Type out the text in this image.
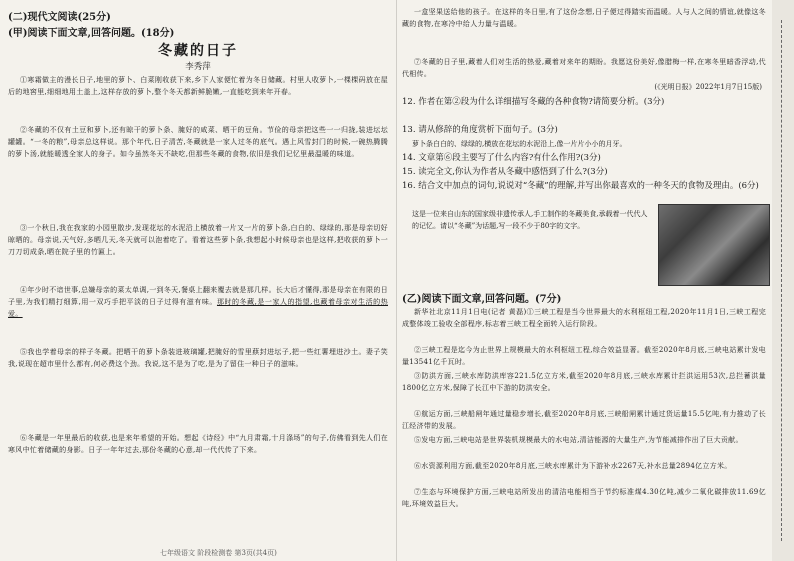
(二)现代文阅读(25分)
(甲)阅读下面文章,回答问题。(18分)
冬藏的日子
李秀萍

①寒霜做主的漫长日子,地里的萝卜、白菜刚收获下来,乡下人家便忙着为冬日储藏。村里人收萝卜,一棵棵码放在屋后的地窖里,细细地用土盖上,这样存放的萝卜,整个冬天都新鲜脆嫩,一直能吃到来年开春。

②冬藏的不仅有土豆和萝卜,还有晾干的萝卜条、腌好的咸菜、晒干的豆角。节俭的母亲把这些一一归拢,装进坛坛罐罐。“一冬的粮”,母亲总这样说。那个年代,日子清苦,冬藏就是一家人过冬的底气。遇上风雪封门的时候,一碗热腾腾的萝卜汤,就能暖透全家人的身子。如今虽然冬天不缺吃,但那些冬藏的食物,依旧是我们记忆里最温暖的味道。

③一个秋日,我在我家的小园里散步,发现花坛的水泥沿上横放着一片又一片的萝卜条,白白的、绿绿的,那是母亲切好晾晒的。母亲说,天气好,多晒几天,冬天就可以泡着吃了。看着这些萝卜条,我想起小时候母亲也是这样,把收获的萝卜一刀刀切成条,晒在院子里的竹匾上。

④年少时不谙世事,总嫌母亲的菜太单调,一到冬天,餐桌上翻来覆去就是那几样。长大后才懂得,那是母亲在有限的日子里,为我们精打细算,用一双巧手把平淡的日子过得有滋有味。那时的冬藏,是一家人的指望,也藏着母亲对生活的热爱。

⑤我也学着母亲的样子冬藏。把晒干的萝卜条装进玻璃罐,把腌好的雪里蕻封进坛子,把一些红薯埋进沙土。妻子笑我,说现在超市里什么都有,何必费这个劲。我说,这不是为了吃,是为了留住一种日子的滋味。

⑥冬藏是一年里最后的收获,也是来年希望的开始。想起《诗经》中“九月肃霜,十月涤场”的句子,仿佛看到先人们在寒风中忙着储藏的身影。日子一年年过去,那份冬藏的心意,却一代代传了下来。

七年级语文 阶段检测卷 第3页(共4页)

一盒坚果送给他的孩子。在这样的冬日里,有了这份念想,日子便过得踏实而温暖。人与人之间的情谊,就像这冬藏的食物,在寒冷中给人力量与温暖。

⑦冬藏的日子里,藏着人们对生活的热爱,藏着对来年的期盼。我愿这份美好,像腊梅一样,在寒冬里暗香浮动,代代相传。

(《光明日报》2022年1月7日15版)
12. 作者在第②段为什么详细描写冬藏的各种食物?请简要分析。(3分)
13. 请从修辞的角度赏析下面句子。(3分)
萝卜条白白的、绿绿的,横放在花坛的水泥沿上,像一片片小小的月牙。
14. 文章第⑥段主要写了什么内容?有什么作用?(3分)
15. 读完全文,你认为作者从冬藏中感悟到了什么?(3分)
16. 结合文中加点的词句,说说对“冬藏”的理解,并写出你最喜欢的一种冬天的食物及理由。(6分)
这是一位来自山东的国家级非遗传承人,手工制作的冬藏美食,承载着一代代人的记忆。请以“冬藏”为话题,写一段不少于80字的文字。
(乙)阅读下面文章,回答问题。(7分)

新华社北京11月1日电(记者 黄磊)①三峡工程是当今世界最大的水利枢纽工程,2020年11月1日,三峡工程完成整体竣工验收全部程序,标志着三峡工程全面转入运行阶段。

②三峡工程是迄今为止世界上规模最大的水利枢纽工程,综合效益显著。截至2020年8月底,三峡电站累计发电量13541亿千瓦时。

③防洪方面,三峡水库防洪库容221.5亿立方米,截至2020年8月底,三峡水库累计拦洪运用53次,总拦蓄洪量1800亿立方米,保障了长江中下游的防洪安全。

④航运方面,三峡船闸年通过量稳步增长,截至2020年8月底,三峡船闸累计通过货运量15.5亿吨,有力推动了长江经济带的发展。

⑤发电方面,三峡电站是世界装机规模最大的水电站,清洁能源的大量生产,为节能减排作出了巨大贡献。

⑥水资源利用方面,截至2020年8月底,三峡水库累计为下游补水2267天,补水总量2894亿立方米。

⑦生态与环境保护方面,三峡电站所发出的清洁电能相当于节约标准煤4.30亿吨,减少二氧化碳排放11.69亿吨,环境效益巨大。
